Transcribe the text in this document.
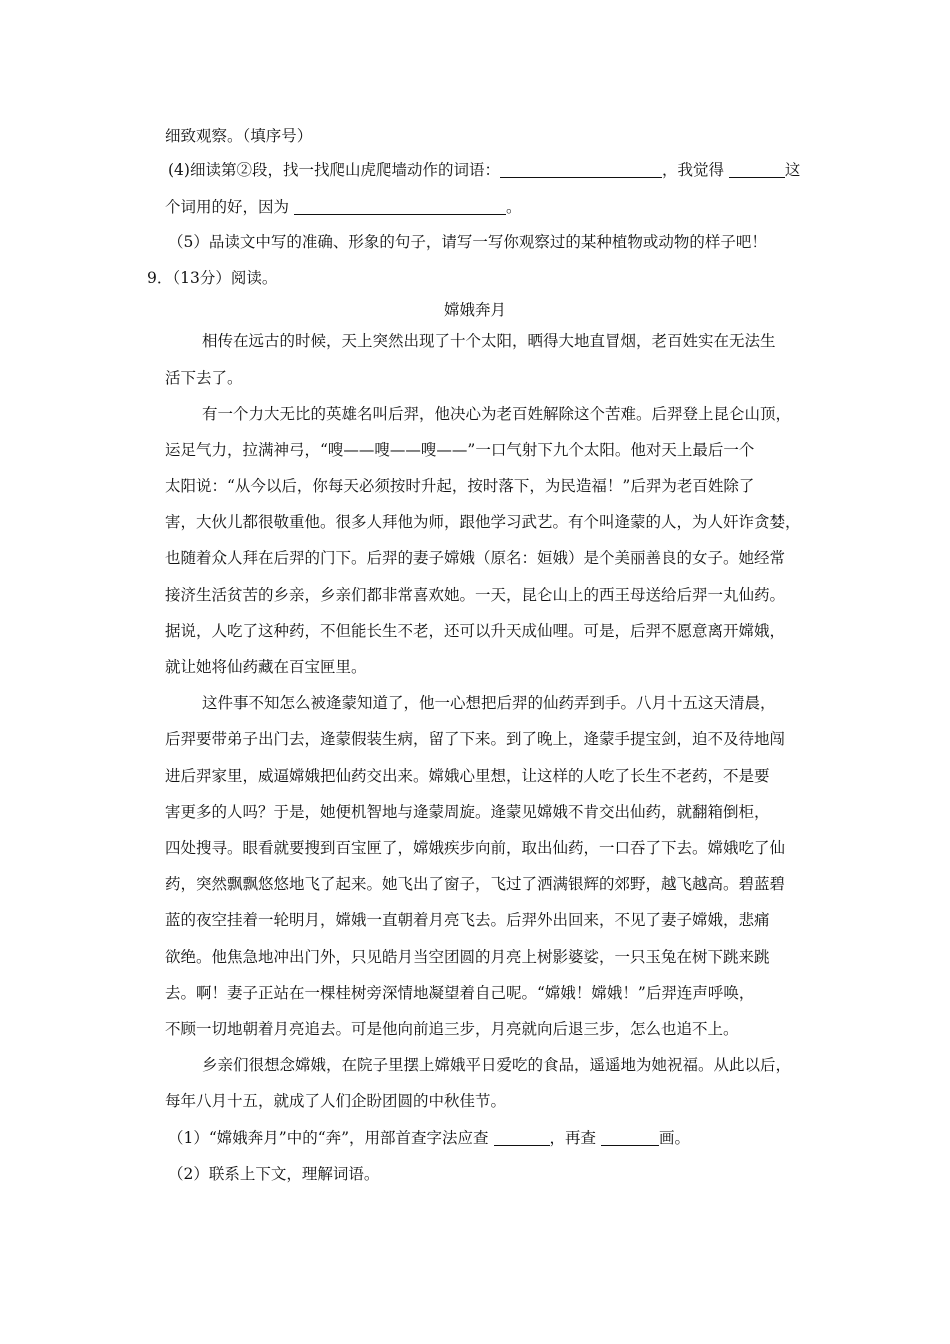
细致观察。（填序号）
(4)细读第②段，找一找爬山虎爬墙动作的词语：	，我觉得	这
个词用的好，因为	。
（5）品读文中写的准确、形象的句子，请写一写你观察过的某种植物或动物的样子吧！
9．（13分）阅读。
嫦娥奔月
相传在远古的时候，天上突然出现了十个太阳，晒得大地直冒烟，老百姓实在无法生
活下去了。
有一个力大无比的英雄名叫后羿，他决心为老百姓解除这个苦难。后羿登上昆仑山顶，
运足气力，拉满神弓，“嗖——嗖——嗖——”一口气射下九个太阳。他对天上最后一个
太阳说：“从今以后，你每天必须按时升起，按时落下，为民造福！”后羿为老百姓除了
害，大伙儿都很敬重他。很多人拜他为师，跟他学习武艺。有个叫逄蒙的人，为人奸诈贪婪，
也随着众人拜在后羿的门下。后羿的妻子嫦娥（原名：姮娥）是个美丽善良的女子。她经常
接济生活贫苦的乡亲，乡亲们都非常喜欢她。一天，昆仑山上的西王母送给后羿一丸仙药。
据说，人吃了这种药，不但能长生不老，还可以升天成仙哩。可是，后羿不愿意离开嫦娥，
就让她将仙药藏在百宝匣里。
这件事不知怎么被逄蒙知道了，他一心想把后羿的仙药弄到手。八月十五这天清晨，
后羿要带弟子出门去，逄蒙假装生病，留了下来。到了晚上，逄蒙手提宝剑，迫不及待地闯
进后羿家里，威逼嫦娥把仙药交出来。嫦娥心里想，让这样的人吃了长生不老药，不是要
害更多的人吗？于是，她便机智地与逄蒙周旋。逄蒙见嫦娥不肯交出仙药，就翻箱倒柜，
四处搜寻。眼看就要搜到百宝匣了，嫦娥疾步向前，取出仙药，一口吞了下去。嫦娥吃了仙
药，突然飘飘悠悠地飞了起来。她飞出了窗子，飞过了洒满银辉的郊野，越飞越高。碧蓝碧
蓝的夜空挂着一轮明月，嫦娥一直朝着月亮飞去。后羿外出回来，不见了妻子嫦娥，悲痛
欲绝。他焦急地冲出门外，只见皓月当空团圆的月亮上树影婆娑，一只玉兔在树下跳来跳
去。啊！妻子正站在一棵桂树旁深情地凝望着自己呢。“嫦娥！嫦娥！”后羿连声呼唤，
不顾一切地朝着月亮追去。可是他向前追三步，月亮就向后退三步，怎么也追不上。
乡亲们很想念嫦娥，在院子里摆上嫦娥平日爱吃的食品，遥遥地为她祝福。从此以后，
每年八月十五，就成了人们企盼团圆的中秋佳节。
（1）“嫦娥奔月”中的“奔”，用部首查字法应查	，再查	画。
（2）联系上下文，理解词语。
